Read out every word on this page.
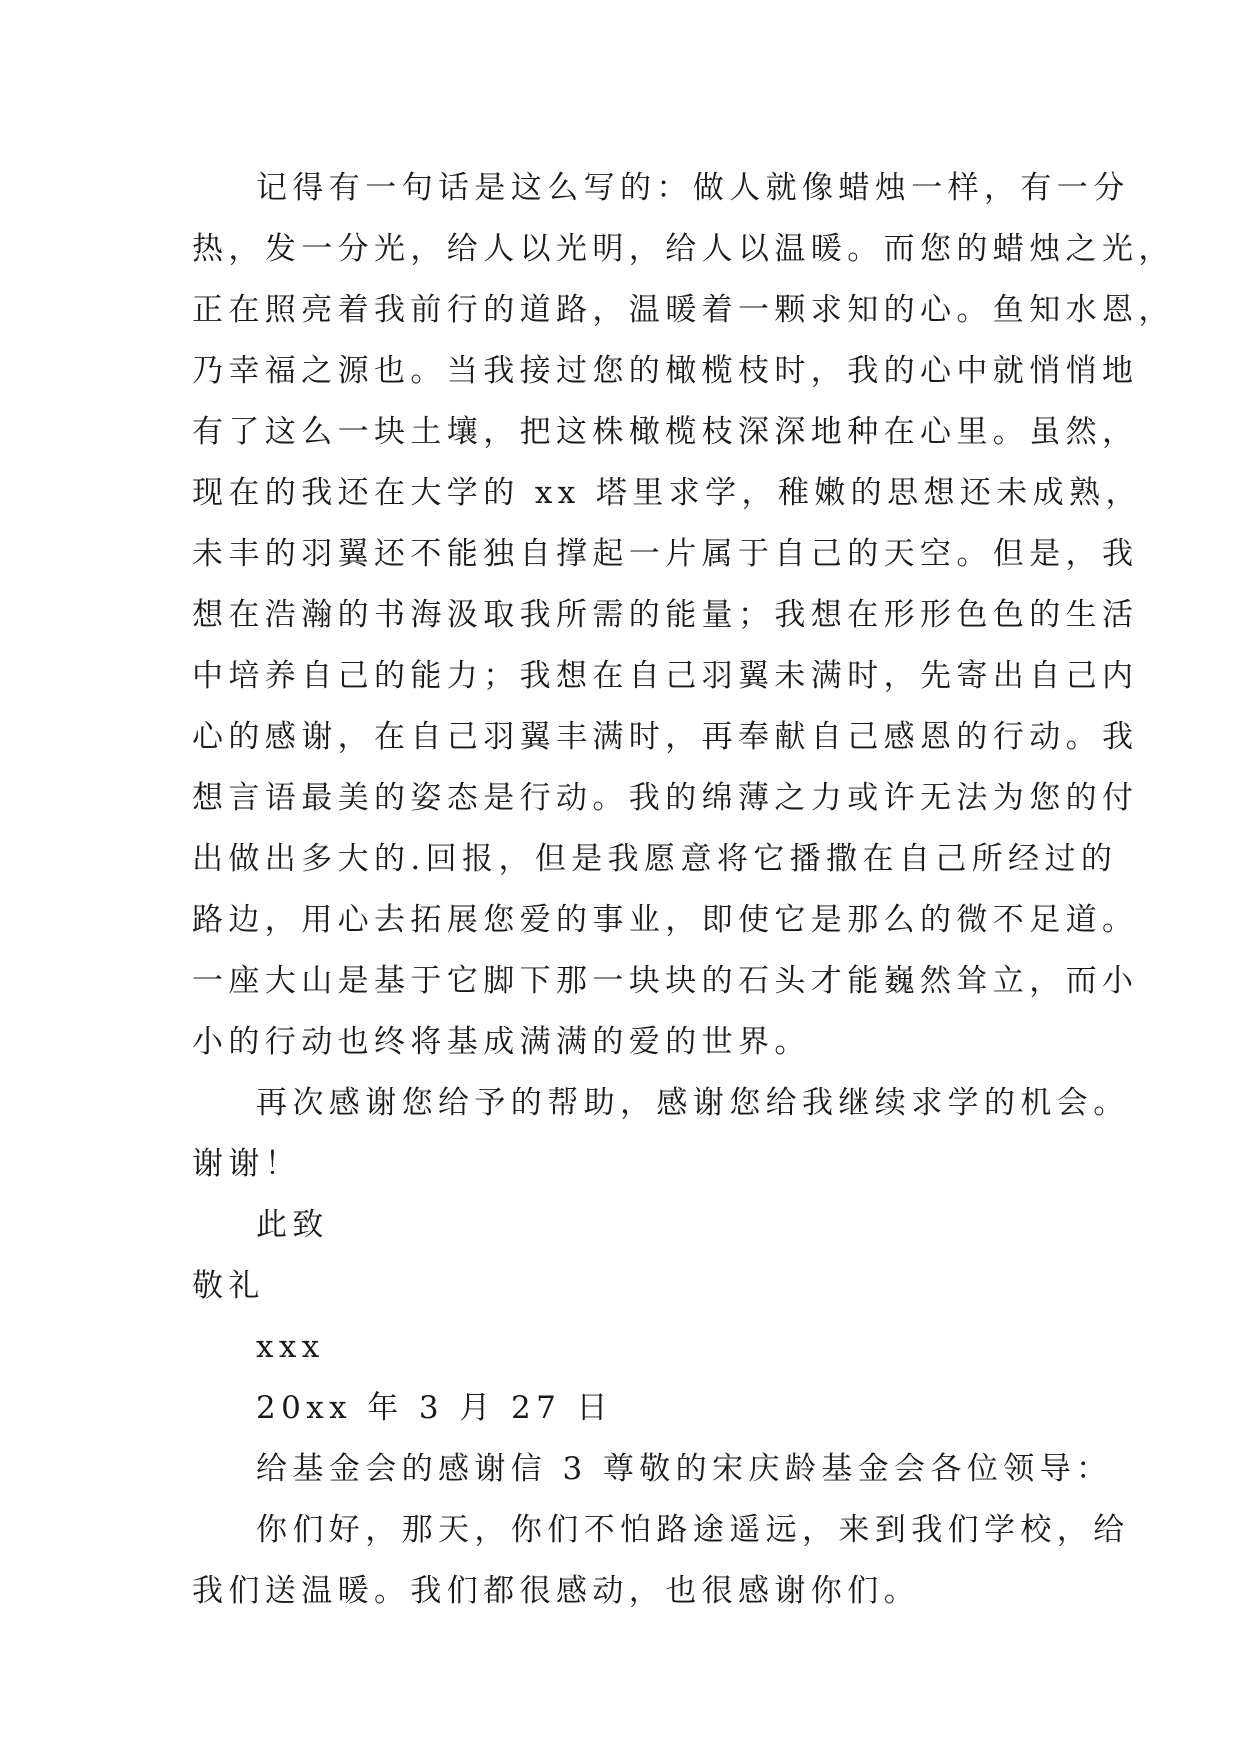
记得有一句话是这么写的：做人就像蜡烛一样，有一分
热，发一分光，给人以光明，给人以温暖。而您的蜡烛之光，
正在照亮着我前行的道路，温暖着一颗求知的心。鱼知水恩，
乃幸福之源也。当我接过您的橄榄枝时，我的心中就悄悄地
有了这么一块土壤，把这株橄榄枝深深地种在心里。虽然，
现在的我还在大学的 xx 塔里求学，稚嫩的思想还未成熟，
未丰的羽翼还不能独自撑起一片属于自己的天空。但是，我
想在浩瀚的书海汲取我所需的能量；我想在形形色色的生活
中培养自己的能力；我想在自己羽翼未满时，先寄出自己内
心的感谢，在自己羽翼丰满时，再奉献自己感恩的行动。我
想言语最美的姿态是行动。我的绵薄之力或许无法为您的付
出做出多大的.回报，但是我愿意将它播撒在自己所经过的
路边，用心去拓展您爱的事业，即使它是那么的微不足道。
一座大山是基于它脚下那一块块的石头才能巍然耸立，而小
小的行动也终将基成满满的爱的世界。
再次感谢您给予的帮助，感谢您给我继续求学的机会。
谢谢！
此致
敬礼
xxx
20xx 年 3 月 27 日
给基金会的感谢信 3 尊敬的宋庆龄基金会各位领导：
你们好，那天，你们不怕路途遥远，来到我们学校，给
我们送温暖。我们都很感动，也很感谢你们。
